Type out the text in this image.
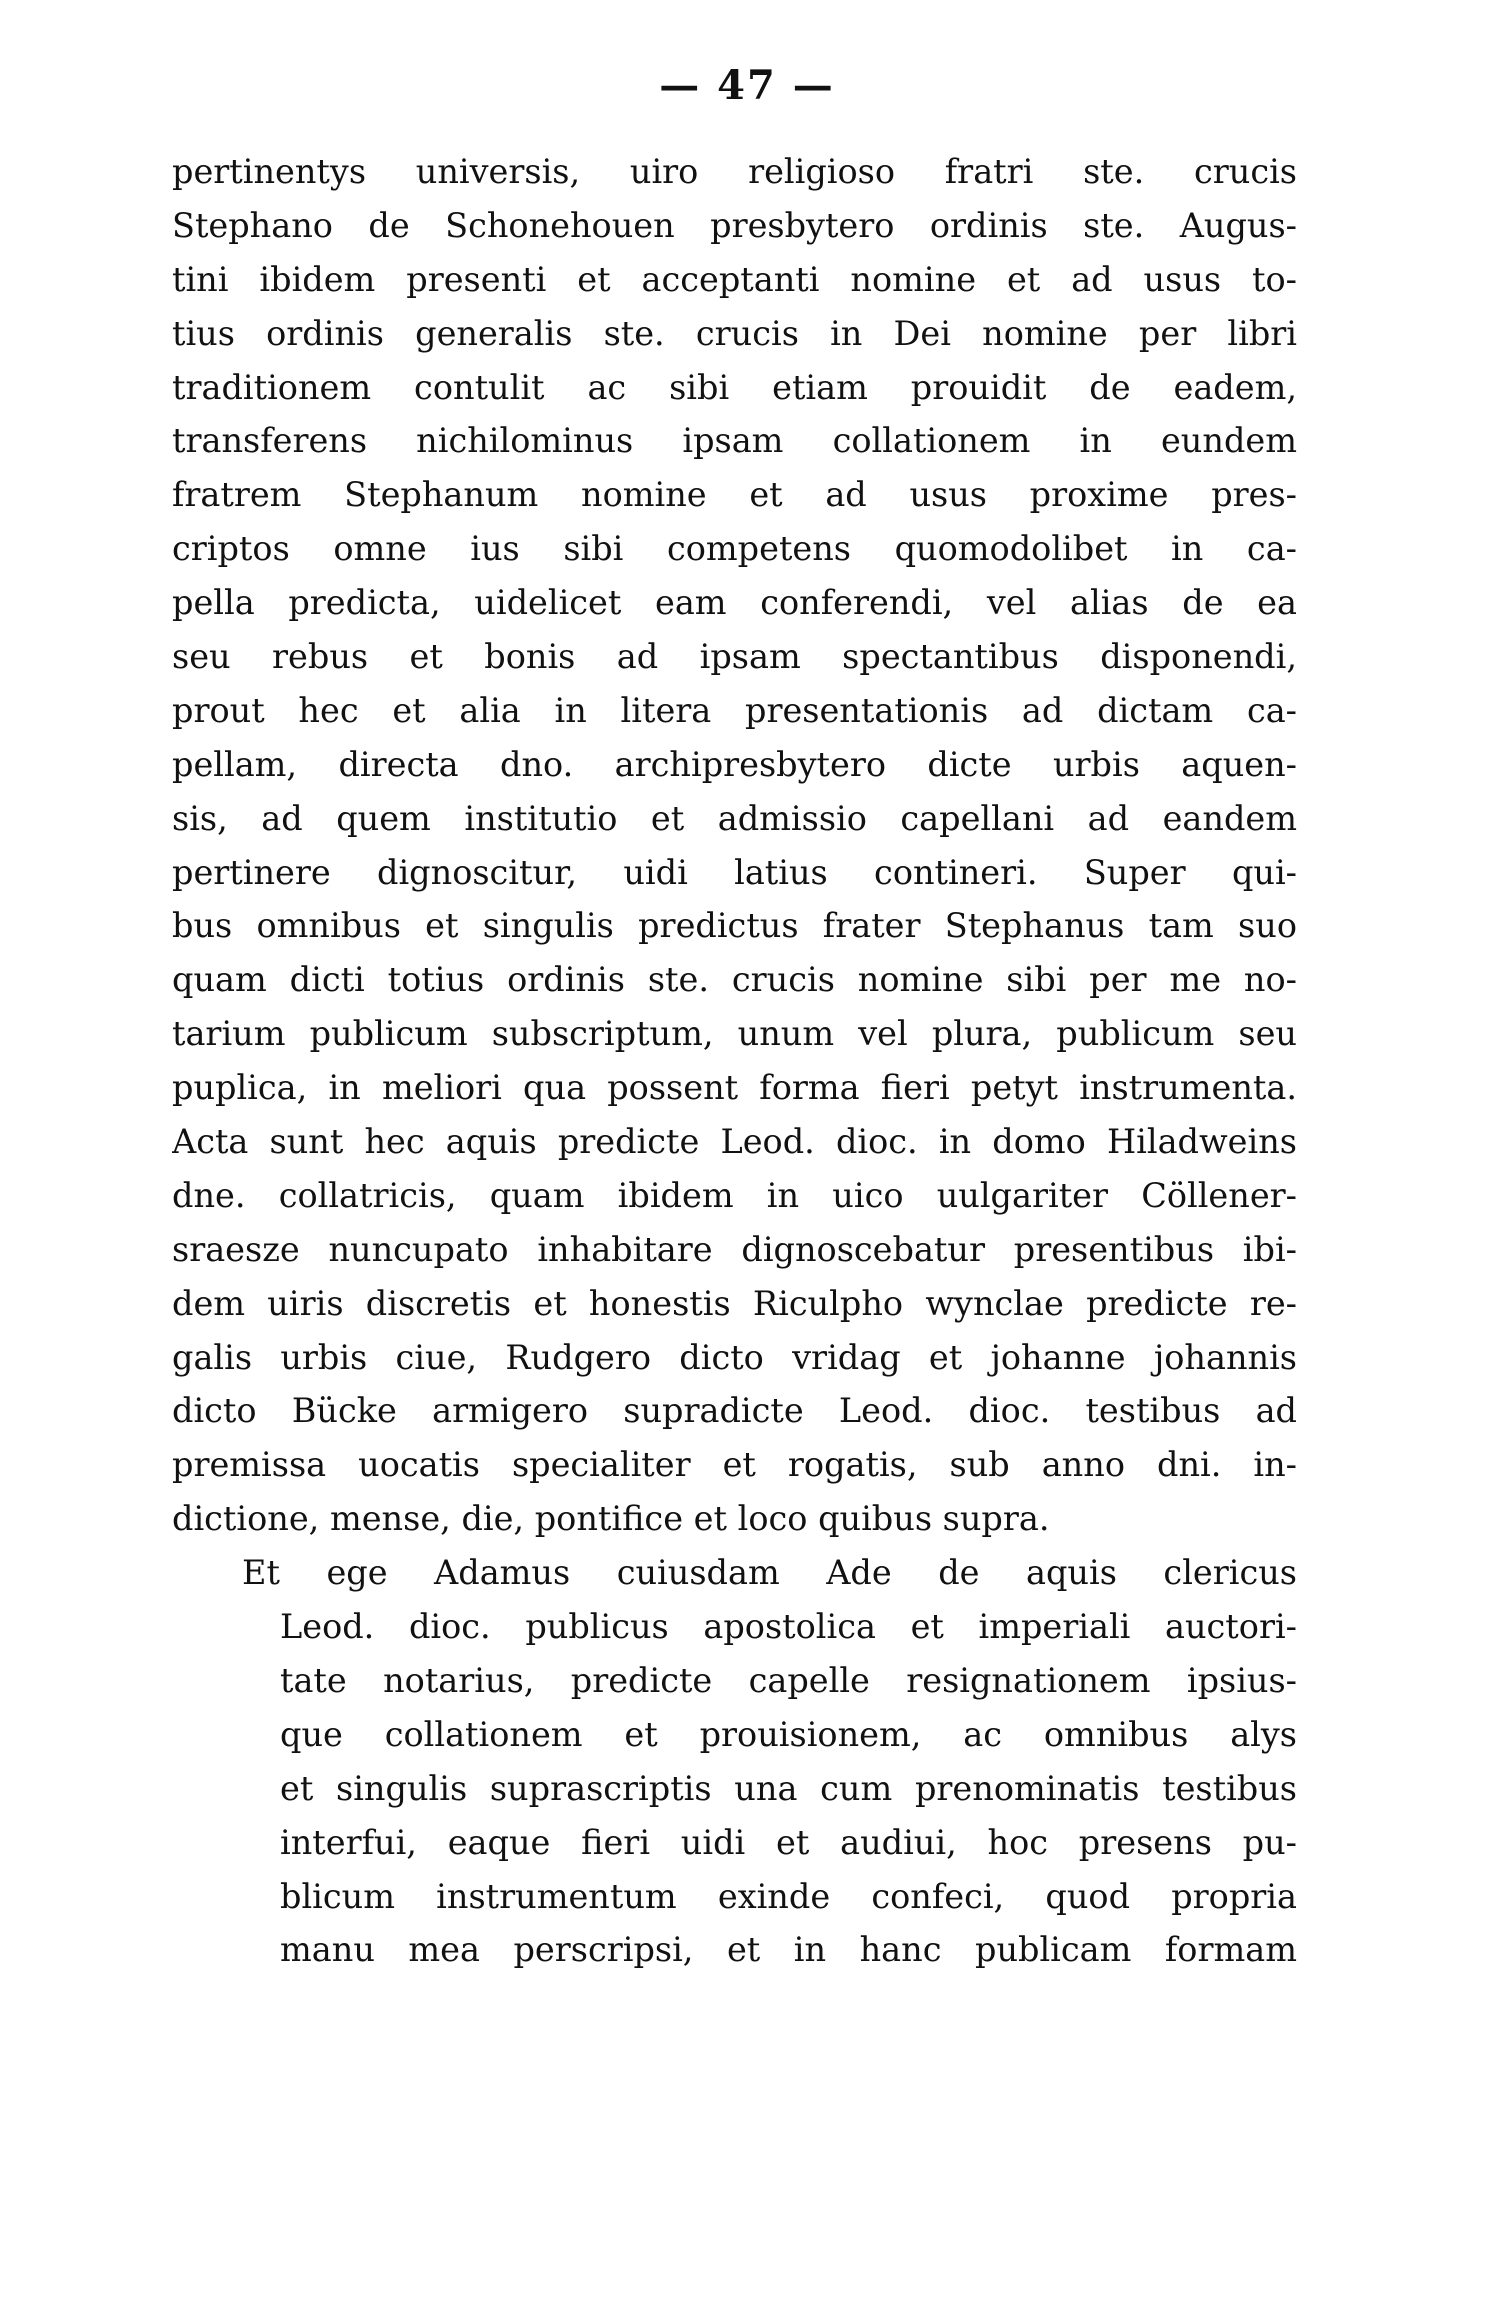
— 47 —
pertinentys universis, uiro religioso fratri ste. crucis
Stephano de Schonehouen presbytero ordinis ste. Augus-
tini ibidem presenti et acceptanti nomine et ad usus to-
tius ordinis generalis ste. crucis in Dei nomine per libri
traditionem contulit ac sibi etiam prouidit de eadem,
transferens nichilominus ipsam collationem in eundem
fratrem Stephanum nomine et ad usus proxime pres-
criptos omne ius sibi competens quomodolibet in ca-
pella predicta, uidelicet eam conferendi, vel alias de ea
seu rebus et bonis ad ipsam spectantibus disponendi,
prout hec et alia in litera presentationis ad dictam ca-
pellam, directa dno. archipresbytero dicte urbis aquen-
sis, ad quem institutio et admissio capellani ad eandem
pertinere dignoscitur, uidi latius contineri. Super qui-
bus omnibus et singulis predictus frater Stephanus tam suo
quam dicti totius ordinis ste. crucis nomine sibi per me no-
tarium publicum subscriptum, unum vel plura, publicum seu
puplica, in meliori qua possent forma fieri petyt instrumenta.
Acta sunt hec aquis predicte Leod. dioc. in domo Hiladweins
dne. collatricis, quam ibidem in uico uulgariter Cöllener-
sraesze nuncupato inhabitare dignoscebatur presentibus ibi-
dem uiris discretis et honestis Riculpho wynclae predicte re-
galis urbis ciue, Rudgero dicto vridag et johanne johannis
dicto Bücke armigero supradicte Leod. dioc. testibus ad
premissa uocatis specialiter et rogatis, sub anno dni. in-
dictione, mense, die, pontifice et loco quibus supra.
Et ege Adamus cuiusdam Ade de aquis clericus
Leod. dioc. publicus apostolica et imperiali auctori-
tate notarius, predicte capelle resignationem ipsius-
que collationem et prouisionem, ac omnibus alys
et singulis suprascriptis una cum prenominatis testibus
interfui, eaque fieri uidi et audiui, hoc presens pu-
blicum instrumentum exinde confeci, quod propria
manu mea perscripsi, et in hanc publicam formam
